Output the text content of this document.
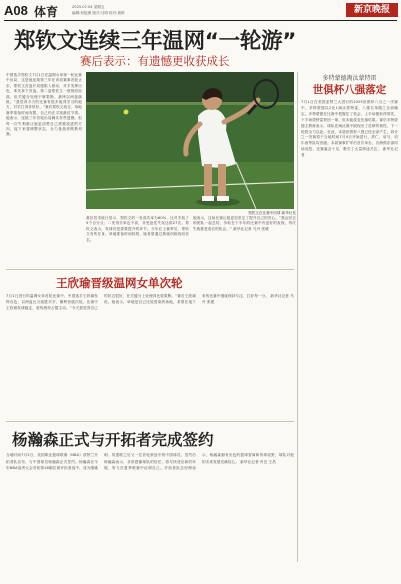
A08 体育	2025.07.04 星期五
编辑:何振康 版式:马明 校对:唐婷	新京晚报
郑钦文连续三年温网“一轮游”
赛后表示：有遗憾更收获成长
中国选手郑钦文7月1日在温网女单第一轮比赛中出局，这是她连续第三年在该项赛事首轮止步。郑钦文首盘开局便陷入被动，对手发挥出色，率先拿下首盘。第二盘郑钦文一度扳回局面，但关键分处理不够果断，最终以两盘落败。“我觉得今天的比赛有很多值得学习的地方，对手打得非常好。”赛后郑钦文坦言，草地赛季准备时间有限，自己仍在寻找最佳节奏。她表示，连续三年首轮出局确实有些遗憾，但每一次失利都让她更清楚自己需要改进的方向，接下来将调整状态，全力备战美网系列赛。
郑钦文在比赛中回球 新华社发
赛后技术统计显示，郑钦文的一发成功率为60%，比对手低了5个百分点；二发得分率也不高，非受迫性失误达到27次。郑钦文表示，发球仍是需要提升的环节。今年红土赛季后，郑钦文有伤在身，草地准备时间较短，她希望通过系统训练找回状态。
她表示，这场比赛让她更加坚定了提升自己的决心。“我会回去和团队一起总结，争取在下半年的比赛中有更好的表现。每次失败都是成长的机会。” 新华社记者 马丹 张媛
多特蒙德淘汰蒙特雷
世俱杯八强落定
7月1日在美国亚特兰大进行的2025世俱杯八分之一决赛中，多特蒙德以2比1淘汰蒙特雷，八强名单随之全部确定。多特蒙德在比赛中把握住了机会，上半场便取得领先，下半场蒙特雷扳回一球，但未能改变比赛结果。赛后多特蒙德主教练表示，球队在淘汰赛中展现出了足够的韧性，下一轮将全力以赴。至此，本届世俱杯八强已经全部产生，四分之一决赛将于当地时间7月4日开始进行，拜仁、皇马、切尔西等队均晋级。本届赛事扩军后首次举办，各洲俱乐部同场竞技，比赛悬念十足，吸引了大量球迷关注。 新华社记者
王欣瑜晋级温网女单次轮
7月1日进行的温网女单首轮比赛中，中国选手王欣瑜发挥出色，以两盘比分战胜对手，顺利晋级次轮。比赛中王欣瑜发球稳定，底线相持占据主动。“今天我觉得自己的状态很好，在关键分上处理得比较果断。”赛后王欣瑜说。她表示，草地是自己比较喜欢的场地，希望在接下来的比赛中继续保持专注，打好每一分。 新华社记者 马丹 张媛
杨瀚森正式与开拓者完成签约
当地时间7月2日，美国职业篮球联赛（NBA）波特兰开拓者队宣布，与中国球员杨瀚森正式签约。杨瀚森在今年NBA选秀大会首轮第16顺位被开拓者选中，成为继姚明、易建联之后又一位首轮被选中的中国球员。签约后杨瀚森表示，非常感谢球队的信任，将尽快适应新的环境，努力在夏季联赛中证明自己。开拓者队总经理表示，杨瀚森拥有出色的篮球智商和传球视野，球队对他的未来发展充满信心。 新华社记者 肖芸 王昌
